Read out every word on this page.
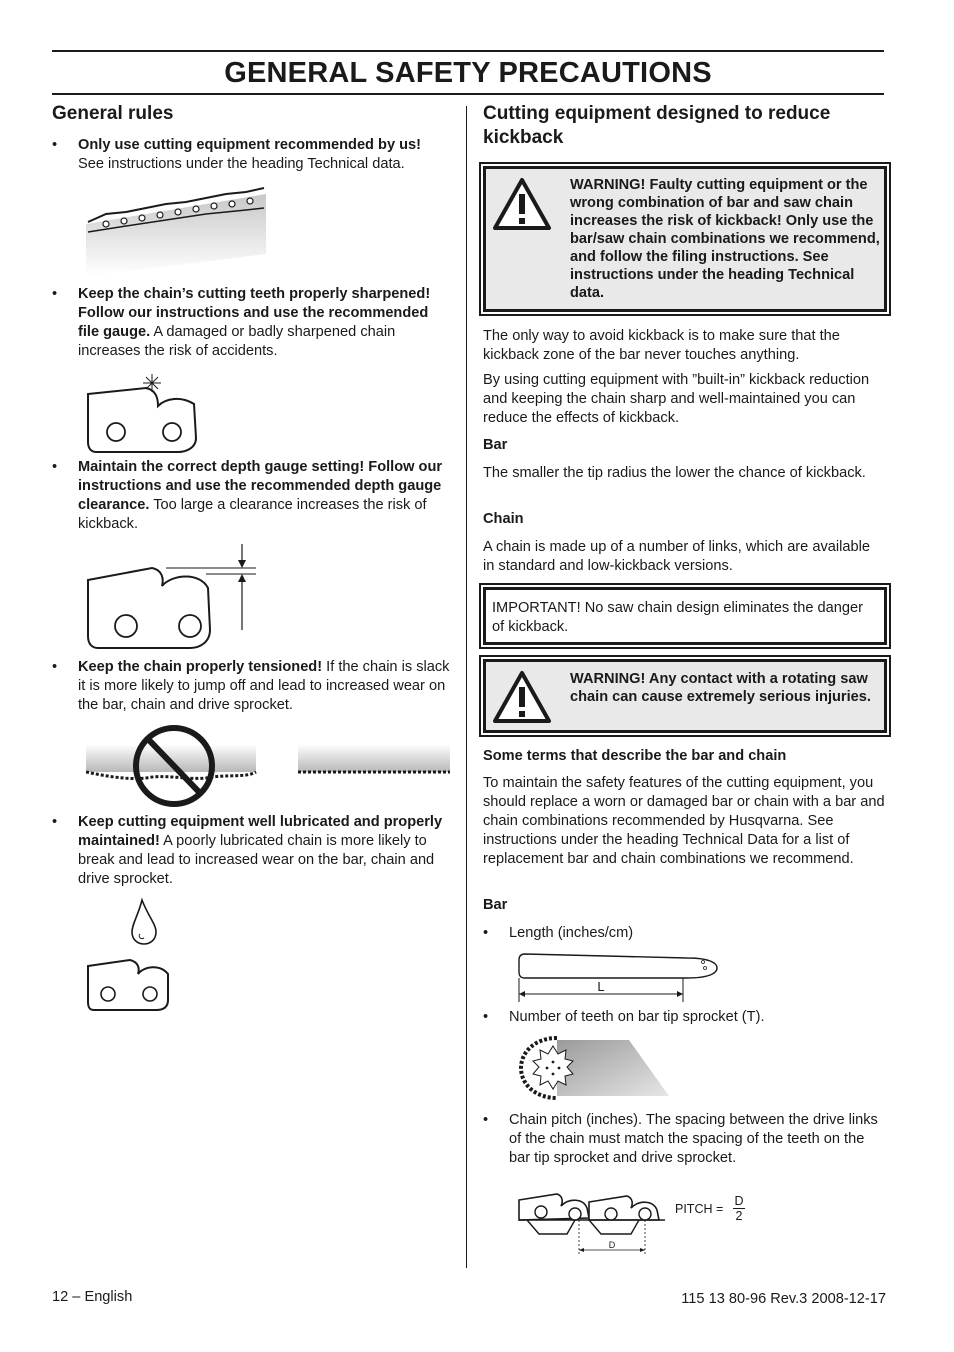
GENERAL SAFETY PRECAUTIONS
General rules
• Only use cutting equipment recommended by us! See instructions under the heading Technical data.
• Keep the chain’s cutting teeth properly sharpened! Follow our instructions and use the recommended file gauge. A damaged or badly sharpened chain increases the risk of accidents.
• Maintain the correct depth gauge setting! Follow our instructions and use the recommended depth gauge clearance. Too large a clearance increases the risk of kickback.
• Keep the chain properly tensioned! If the chain is slack it is more likely to jump off and lead to increased wear on the bar, chain and drive sprocket.
• Keep cutting equipment well lubricated and properly maintained! A poorly lubricated chain is more likely to break and lead to increased wear on the bar, chain and drive sprocket.
Cutting equipment designed to reduce kickback
WARNING! Faulty cutting equipment or the wrong combination of bar and saw chain increases the risk of kickback! Only use the bar/saw chain combinations we recommend, and follow the filing instructions. See instructions under the heading Technical data.

The only way to avoid kickback is to make sure that the kickback zone of the bar never touches anything.

By using cutting equipment with ”built-in” kickback reduction and keeping the chain sharp and well-maintained you can reduce the effects of kickback.

Bar

The smaller the tip radius the lower the chance of kickback.

Chain

A chain is made up of a number of links, which are available in standard and low-kickback versions.

IMPORTANT! No saw chain design eliminates the danger of kickback.
WARNING! Any contact with a rotating saw chain can cause extremely serious injuries.
Some terms that describe the bar and chain

To maintain the safety features of the cutting equipment, you should replace a worn or damaged bar or chain with a bar and chain combinations recommended by Husqvarna. See instructions under the heading Technical Data for a list of replacement bar and chain combinations we recommend.

Bar
• Length (inches/cm)
L
• Number of teeth on bar tip sprocket (T).
• Chain pitch (inches). The spacing between the drive links of the chain must match the spacing of the teeth on the bar tip sprocket and drive sprocket.
D
PITCH = $\frac{D}{2}$
12 – English	115 13 80-96 Rev.3 2008-12-17
